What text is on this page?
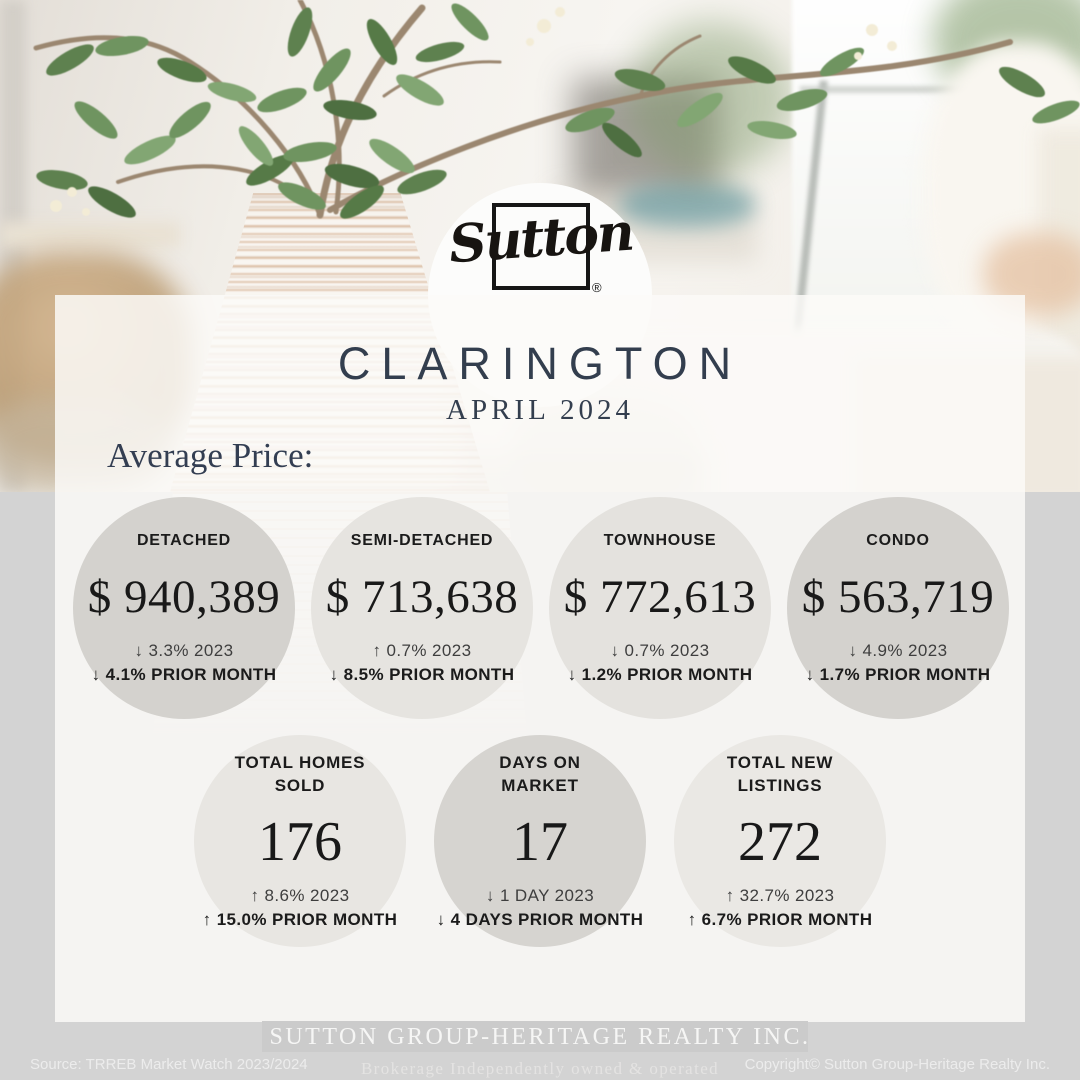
Sutton
®
CLARINGTON
APRIL 2024
Average Price:
DETACHED
$ 940,389
↓ 3.3% 2023
↓ 4.1% PRIOR MONTH
SEMI-DETACHED
$ 713,638
↑ 0.7% 2023
↓ 8.5% PRIOR MONTH
TOWNHOUSE
$ 772,613
↓ 0.7% 2023
↓ 1.2% PRIOR MONTH
CONDO
$ 563,719
↓ 4.9% 2023
↓ 1.7% PRIOR MONTH
TOTAL HOMES SOLD
176
↑ 8.6% 2023
↑ 15.0% PRIOR MONTH
DAYS ON MARKET
17
↓ 1 DAY 2023
↓ 4 DAYS PRIOR MONTH
TOTAL NEW LISTINGS
272
↑ 32.7% 2023
↑ 6.7% PRIOR MONTH
SUTTON GROUP-HERITAGE REALTY INC.
Brokerage Independently owned & operated
Source: TRREB Market Watch 2023/2024	Copyright© Sutton Group-Heritage Realty Inc.
